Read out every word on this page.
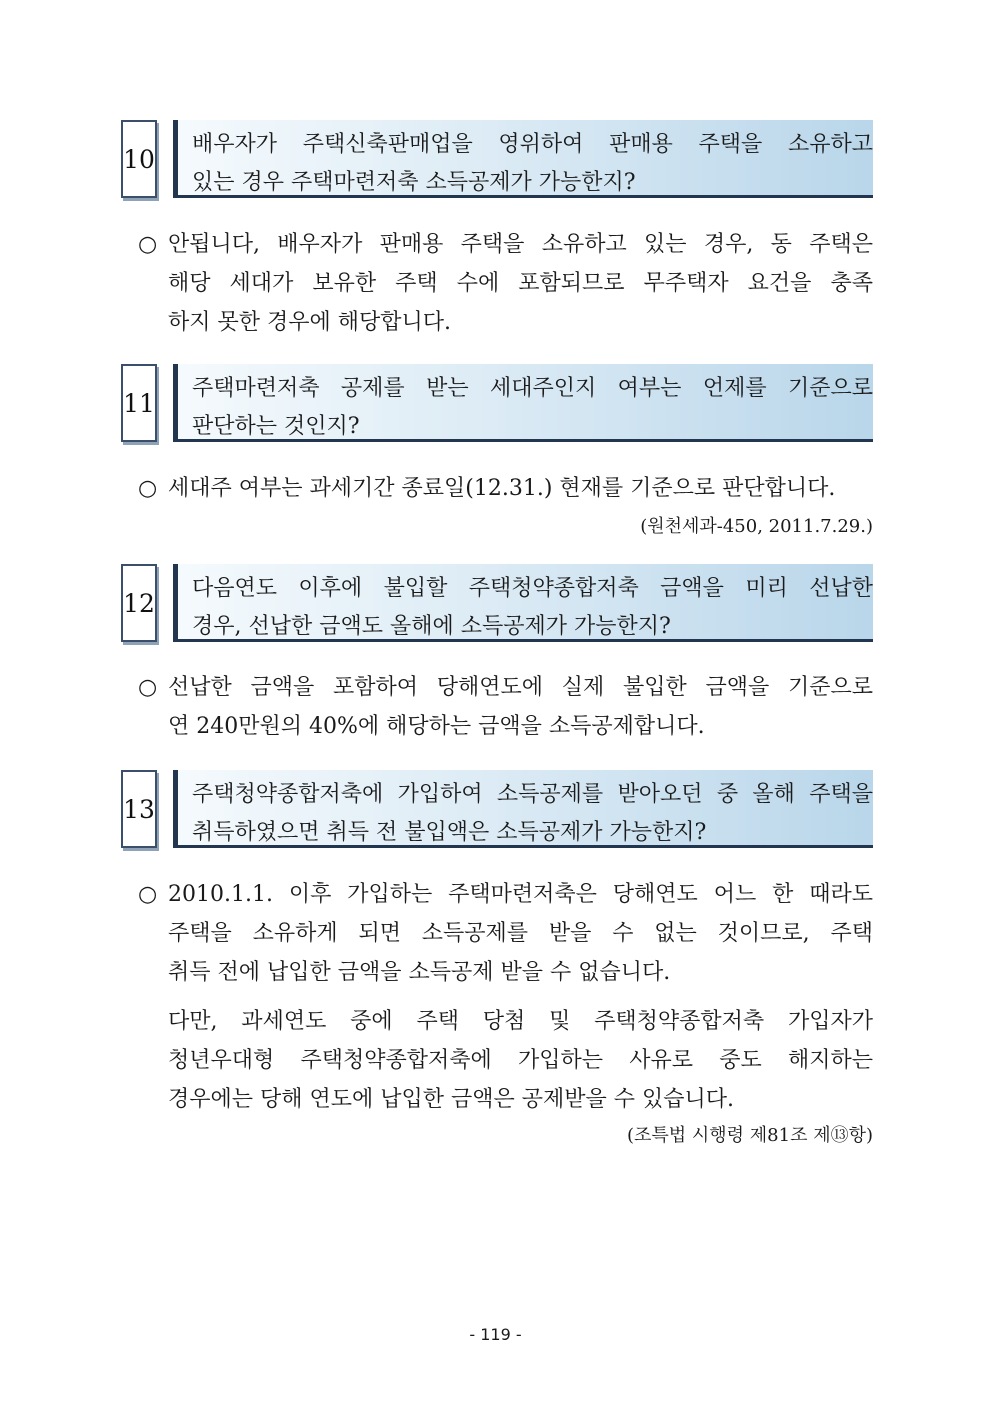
10 배우자가 주택신축판매업을 영위하여 판매용 주택을 소유하고
있는 경우 주택마련저축 소득공제가 가능한지?
○ 안됩니다, 배우자가 판매용 주택을 소유하고 있는 경우, 동 주택은
해당 세대가 보유한 주택 수에 포함되므로 무주택자 요건을 충족
하지 못한 경우에 해당합니다.
11 주택마련저축 공제를 받는 세대주인지 여부는 언제를 기준으로
판단하는 것인지?
○ 세대주 여부는 과세기간 종료일(12.31.) 현재를 기준으로 판단합니다.
(원천세과-450, 2011.7.29.)
12 다음연도 이후에 불입할 주택청약종합저축 금액을 미리 선납한
경우, 선납한 금액도 올해에 소득공제가 가능한지?
○ 선납한 금액을 포함하여 당해연도에 실제 불입한 금액을 기준으로
연 240만원의 40%에 해당하는 금액을 소득공제합니다.
13 주택청약종합저축에 가입하여 소득공제를 받아오던 중 올해 주택을
취득하였으면 취득 전 불입액은 소득공제가 가능한지?
○ 2010.1.1. 이후 가입하는 주택마련저축은 당해연도 어느 한 때라도
주택을 소유하게 되면 소득공제를 받을 수 없는 것이므로, 주택
취득 전에 납입한 금액을 소득공제 받을 수 없습니다.
다만, 과세연도 중에 주택 당첨 및 주택청약종합저축 가입자가
청년우대형 주택청약종합저축에 가입하는 사유로 중도 해지하는
경우에는 당해 연도에 납입한 금액은 공제받을 수 있습니다.
(조특법 시행령 제81조 제⑬항)
- 119 -
